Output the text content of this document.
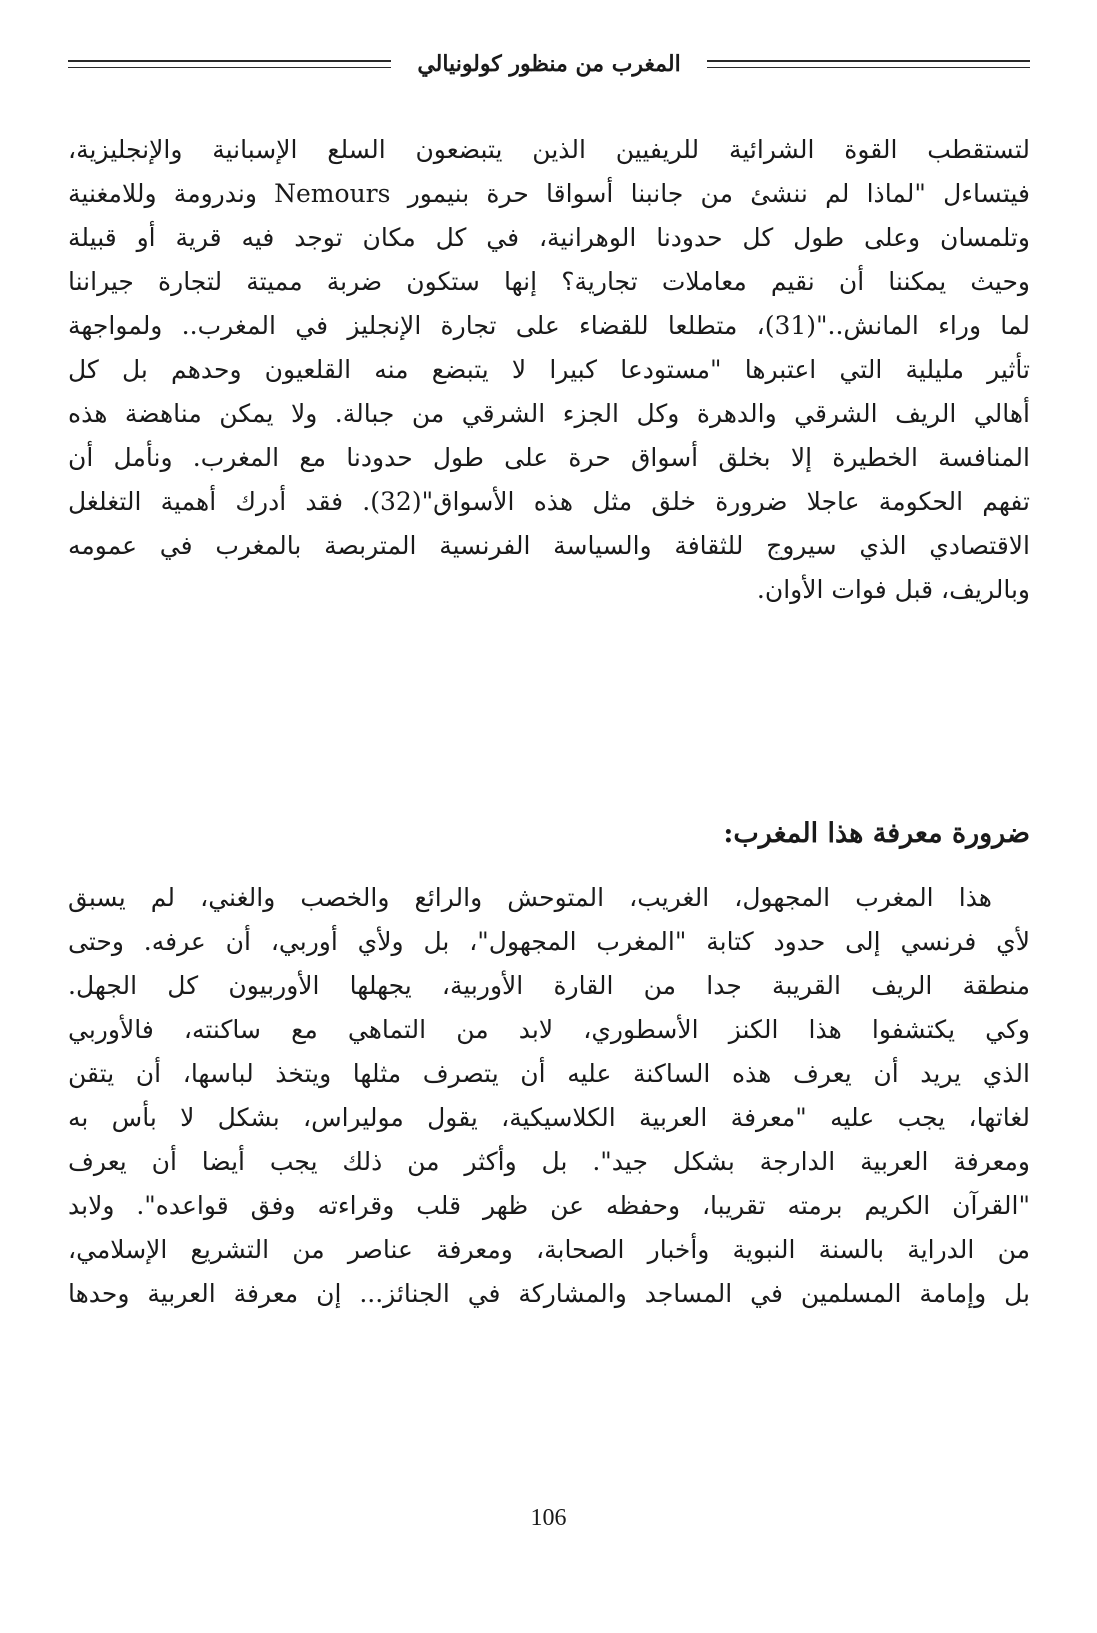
المغرب من منظور كولونيالي
لتستقطب القوة الشرائية للريفيين الذين يتبضعون السلع الإسبانية والإنجليزية،
فيتساءل "لماذا لم ننشئ من جانبنا أسواقا حرة بنيمور Nemours وندرومة وللامغنية
وتلمسان وعلى طول كل حدودنا الوهرانية، في كل مكان توجد فيه قرية أو قبيلة
وحيث يمكننا أن نقيم معاملات تجارية؟ إنها ستكون ضربة مميتة لتجارة جيراننا
لما وراء المانش.."(31)، متطلعا للقضاء على تجارة الإنجليز في المغرب.. ولمواجهة
تأثير مليلية التي اعتبرها "مستودعا كبيرا لا يتبضع منه القلعيون وحدهم بل كل
أهالي الريف الشرقي والدهرة وكل الجزء الشرقي من جبالة. ولا يمكن مناهضة هذه
المنافسة الخطيرة إلا بخلق أسواق حرة على طول حدودنا مع المغرب. ونأمل أن
تفهم الحكومة عاجلا ضرورة خلق مثل هذه الأسواق"(32). فقد أدرك أهمية التغلغل
الاقتصادي الذي سيروج للثقافة والسياسة الفرنسية المتربصة بالمغرب في عمومه
وبالريف، قبل فوات الأوان.
ضرورة معرفة هذا المغرب:
هذا المغرب المجهول، الغريب، المتوحش والرائع والخصب والغني، لم يسبق
لأي فرنسي إلى حدود كتابة "المغرب المجهول"، بل ولأي أوربي، أن عرفه. وحتى
منطقة الريف القريبة جدا من القارة الأوربية، يجهلها الأوربيون كل الجهل.
وكي يكتشفوا هذا الكنز الأسطوري، لابد من التماهي مع ساكنته، فالأوربي
الذي يريد أن يعرف هذه الساكنة عليه أن يتصرف مثلها ويتخذ لباسها، أن يتقن
لغاتها، يجب عليه "معرفة العربية الكلاسيكية، يقول موليراس، بشكل لا بأس به
ومعرفة العربية الدارجة بشكل جيد". بل وأكثر من ذلك يجب أيضا أن يعرف
"القرآن الكريم برمته تقريبا، وحفظه عن ظهر قلب وقراءته وفق قواعده". ولابد
من الدراية بالسنة النبوية وأخبار الصحابة، ومعرفة عناصر من التشريع الإسلامي،
بل وإمامة المسلمين في المساجد والمشاركة في الجنائز... إن معرفة العربية وحدها
106
